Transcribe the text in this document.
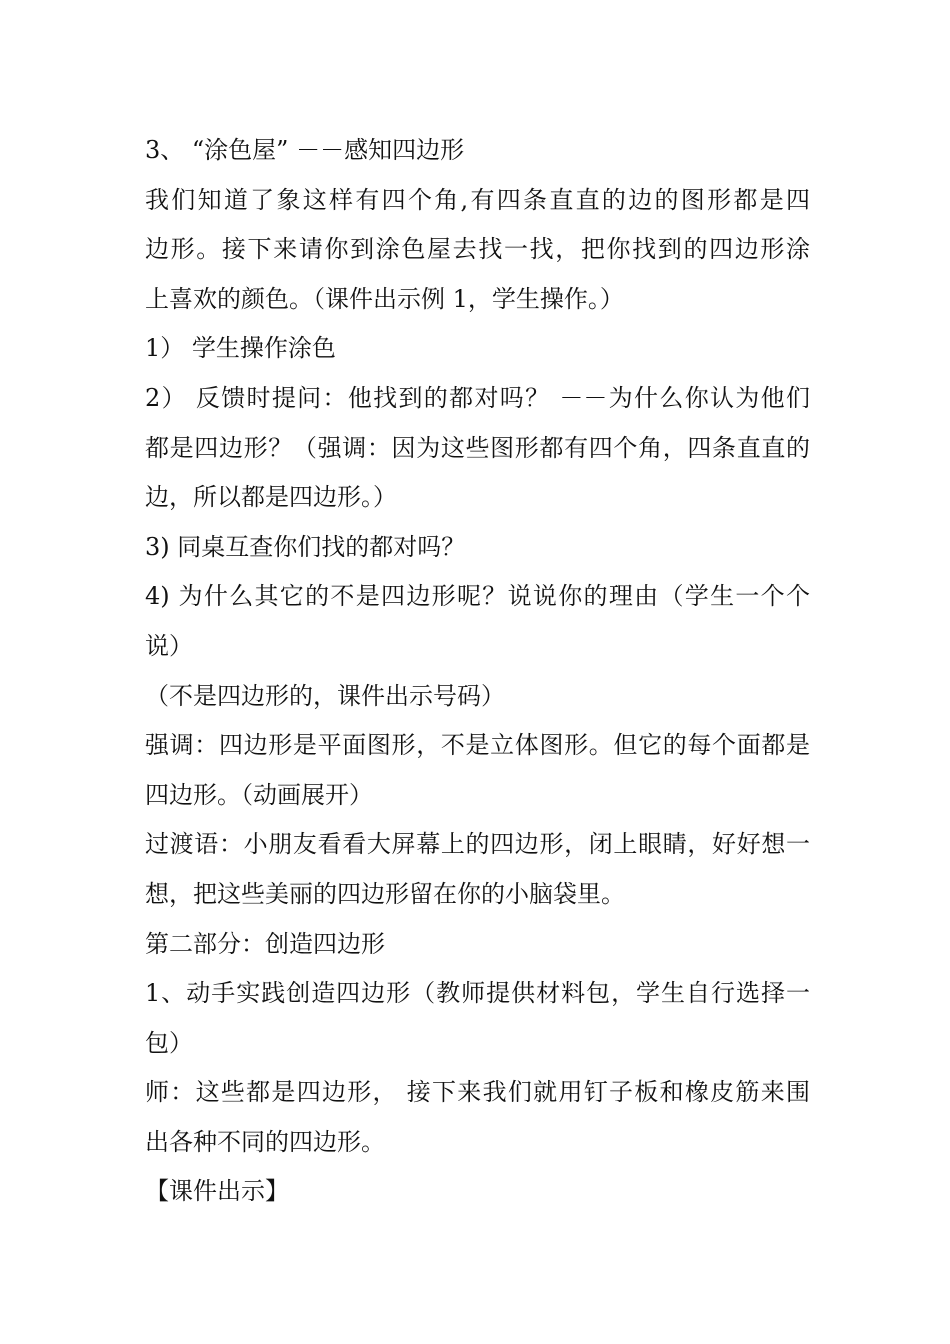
3、 “涂色屋” －－感知四边形
我们知道了象这样有四个角,有四条直直的边的图形都是四
边形。接下来请你到涂色屋去找一找，把你找到的四边形涂
上喜欢的颜色。（课件出示例 1，学生操作。）
1） 学生操作涂色
2） 反馈时提问：他找到的都对吗？ －－为什么你认为他们
都是四边形？（强调：因为这些图形都有四个角，四条直直的
边，所以都是四边形。）
3) 同桌互查你们找的都对吗？
4) 为什么其它的不是四边形呢？说说你的理由（学生一个个
说）
（不是四边形的，课件出示号码）
强调：四边形是平面图形，不是立体图形。但它的每个面都是
四边形。（动画展开）
过渡语：小朋友看看大屏幕上的四边形，闭上眼睛，好好想一
想，把这些美丽的四边形留在你的小脑袋里。
第二部分：创造四边形
1、动手实践创造四边形（教师提供材料包，学生自行选择一
包）
师：这些都是四边形， 接下来我们就用钉子板和橡皮筋来围
出各种不同的四边形。
【课件出示】
